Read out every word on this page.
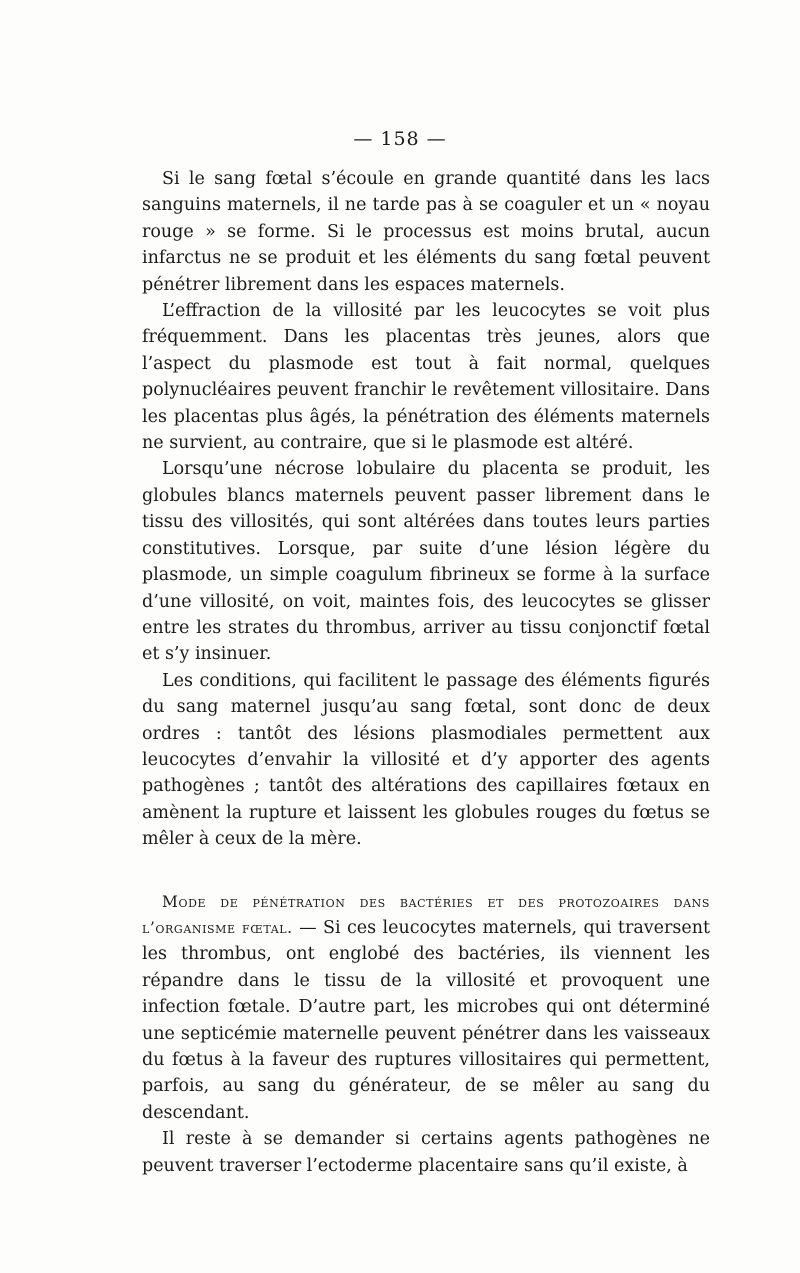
— 158 —

Si le sang fœtal s’écoule en grande quantité dans les lacs sanguins maternels, il ne tarde pas à se coaguler et un « noyau rouge » se forme. Si le processus est moins brutal, aucun infarctus ne se produit et les éléments du sang fœtal peuvent pénétrer librement dans les espaces maternels.

L’effraction de la villosité par les leucocytes se voit plus fréquemment. Dans les placentas très jeunes, alors que l’aspect du plasmode est tout à fait normal, quelques polynucléaires peuvent franchir le revêtement villositaire. Dans les placentas plus âgés, la pénétration des éléments maternels ne survient, au contraire, que si le plasmode est altéré.

Lorsqu’une nécrose lobulaire du placenta se produit, les globules blancs maternels peuvent passer librement dans le tissu des villosités, qui sont altérées dans toutes leurs parties constitutives. Lorsque, par suite d’une lésion légère du plasmode, un simple coagulum fibrineux se forme à la surface d’une villosité, on voit, maintes fois, des leucocytes se glisser entre les strates du thrombus, arriver au tissu conjonctif fœtal et s’y insinuer.

Les conditions, qui facilitent le passage des éléments figurés du sang maternel jusqu’au sang fœtal, sont donc de deux ordres : tantôt des lésions plasmodiales permettent aux leucocytes d’envahir la villosité et d’y apporter des agents pathogènes ; tantôt des altérations des capillaires fœtaux en amènent la rupture et laissent les globules rouges du fœtus se mêler à ceux de la mère.

Mode de pénétration des bactéries et des protozoaires dans l’organisme fœtal. — Si ces leucocytes maternels, qui traversent les thrombus, ont englobé des bactéries, ils viennent les répandre dans le tissu de la villosité et provoquent une infection fœtale. D’autre part, les microbes qui ont déterminé une septicémie maternelle peuvent pénétrer dans les vaisseaux du fœtus à la faveur des ruptures villositaires qui permettent, parfois, au sang du générateur, de se mêler au sang du descendant.

Il reste à se demander si certains agents pathogènes ne peuvent traverser l’ectoderme placentaire sans qu’il existe, à
